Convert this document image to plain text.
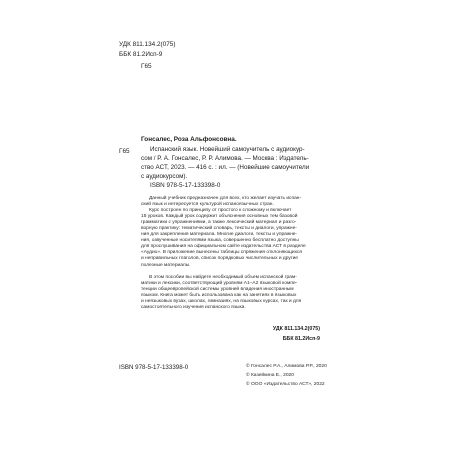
УДК 811.134.2(075)
ББК 81.2Исп-9
Г65
Гонсалес, Роза Альфонсовна.
Г65	Испанский язык. Новейший самоучитель с аудиокур-
сом / Р. А. Гонсалес, Р. Р. Алимова. — Москва : Издатель-
ство АСТ, 2023. — 416 с. : ил. — (Новейшие самоучители
с аудиокурсом).
ISBN 978-5-17-133398-0
Данный учебник предназначен для всех, кто желает изучать испан-
ский язык и интересуется культурой испаноязычных стран.
Курс построен по принципу от простого к сложному и включает
15 уроков. Каждый урок содержит объяснения основных тем базовой
грамматики с упражнениями, а также лексический материал и разго-
ворную практику: тематический словарь, тексты и диалоги, упражне-
ния для закрепления материала. Многие диалоги, тексты и упражне-
ния, озвученные носителями языка, совершенно бесплатно доступны
для прослушивания на официальном сайте издательства АСТ в разделе
«Аудио». В приложение вынесены таблицы спряжения отклоняющихся
и неправильных глаголов, список порядковых числительных и другие
полезные материалы.
В этом пособии вы найдете необходимый объем испанской грам-
матики и лексики, соответствующий уровням А1–А2 языковой компе-
тенции общеевропейской системы уровней владения иностранным
языком. Книга может быть использована как на занятиях в языковых
и неязыковых вузах, школах, гимназиях, на языковых курсах, так и для
самостоятельного изучения испанского языка.
УДК 811.134.2(075)
ББК 81.2Исп-9
ISBN 978-5-17-133398-0	© Гонсалес Р.А., Алимова Р.Р., 2020
© Казейкина Е., 2020
© ООО «Издательство АСТ», 2022
